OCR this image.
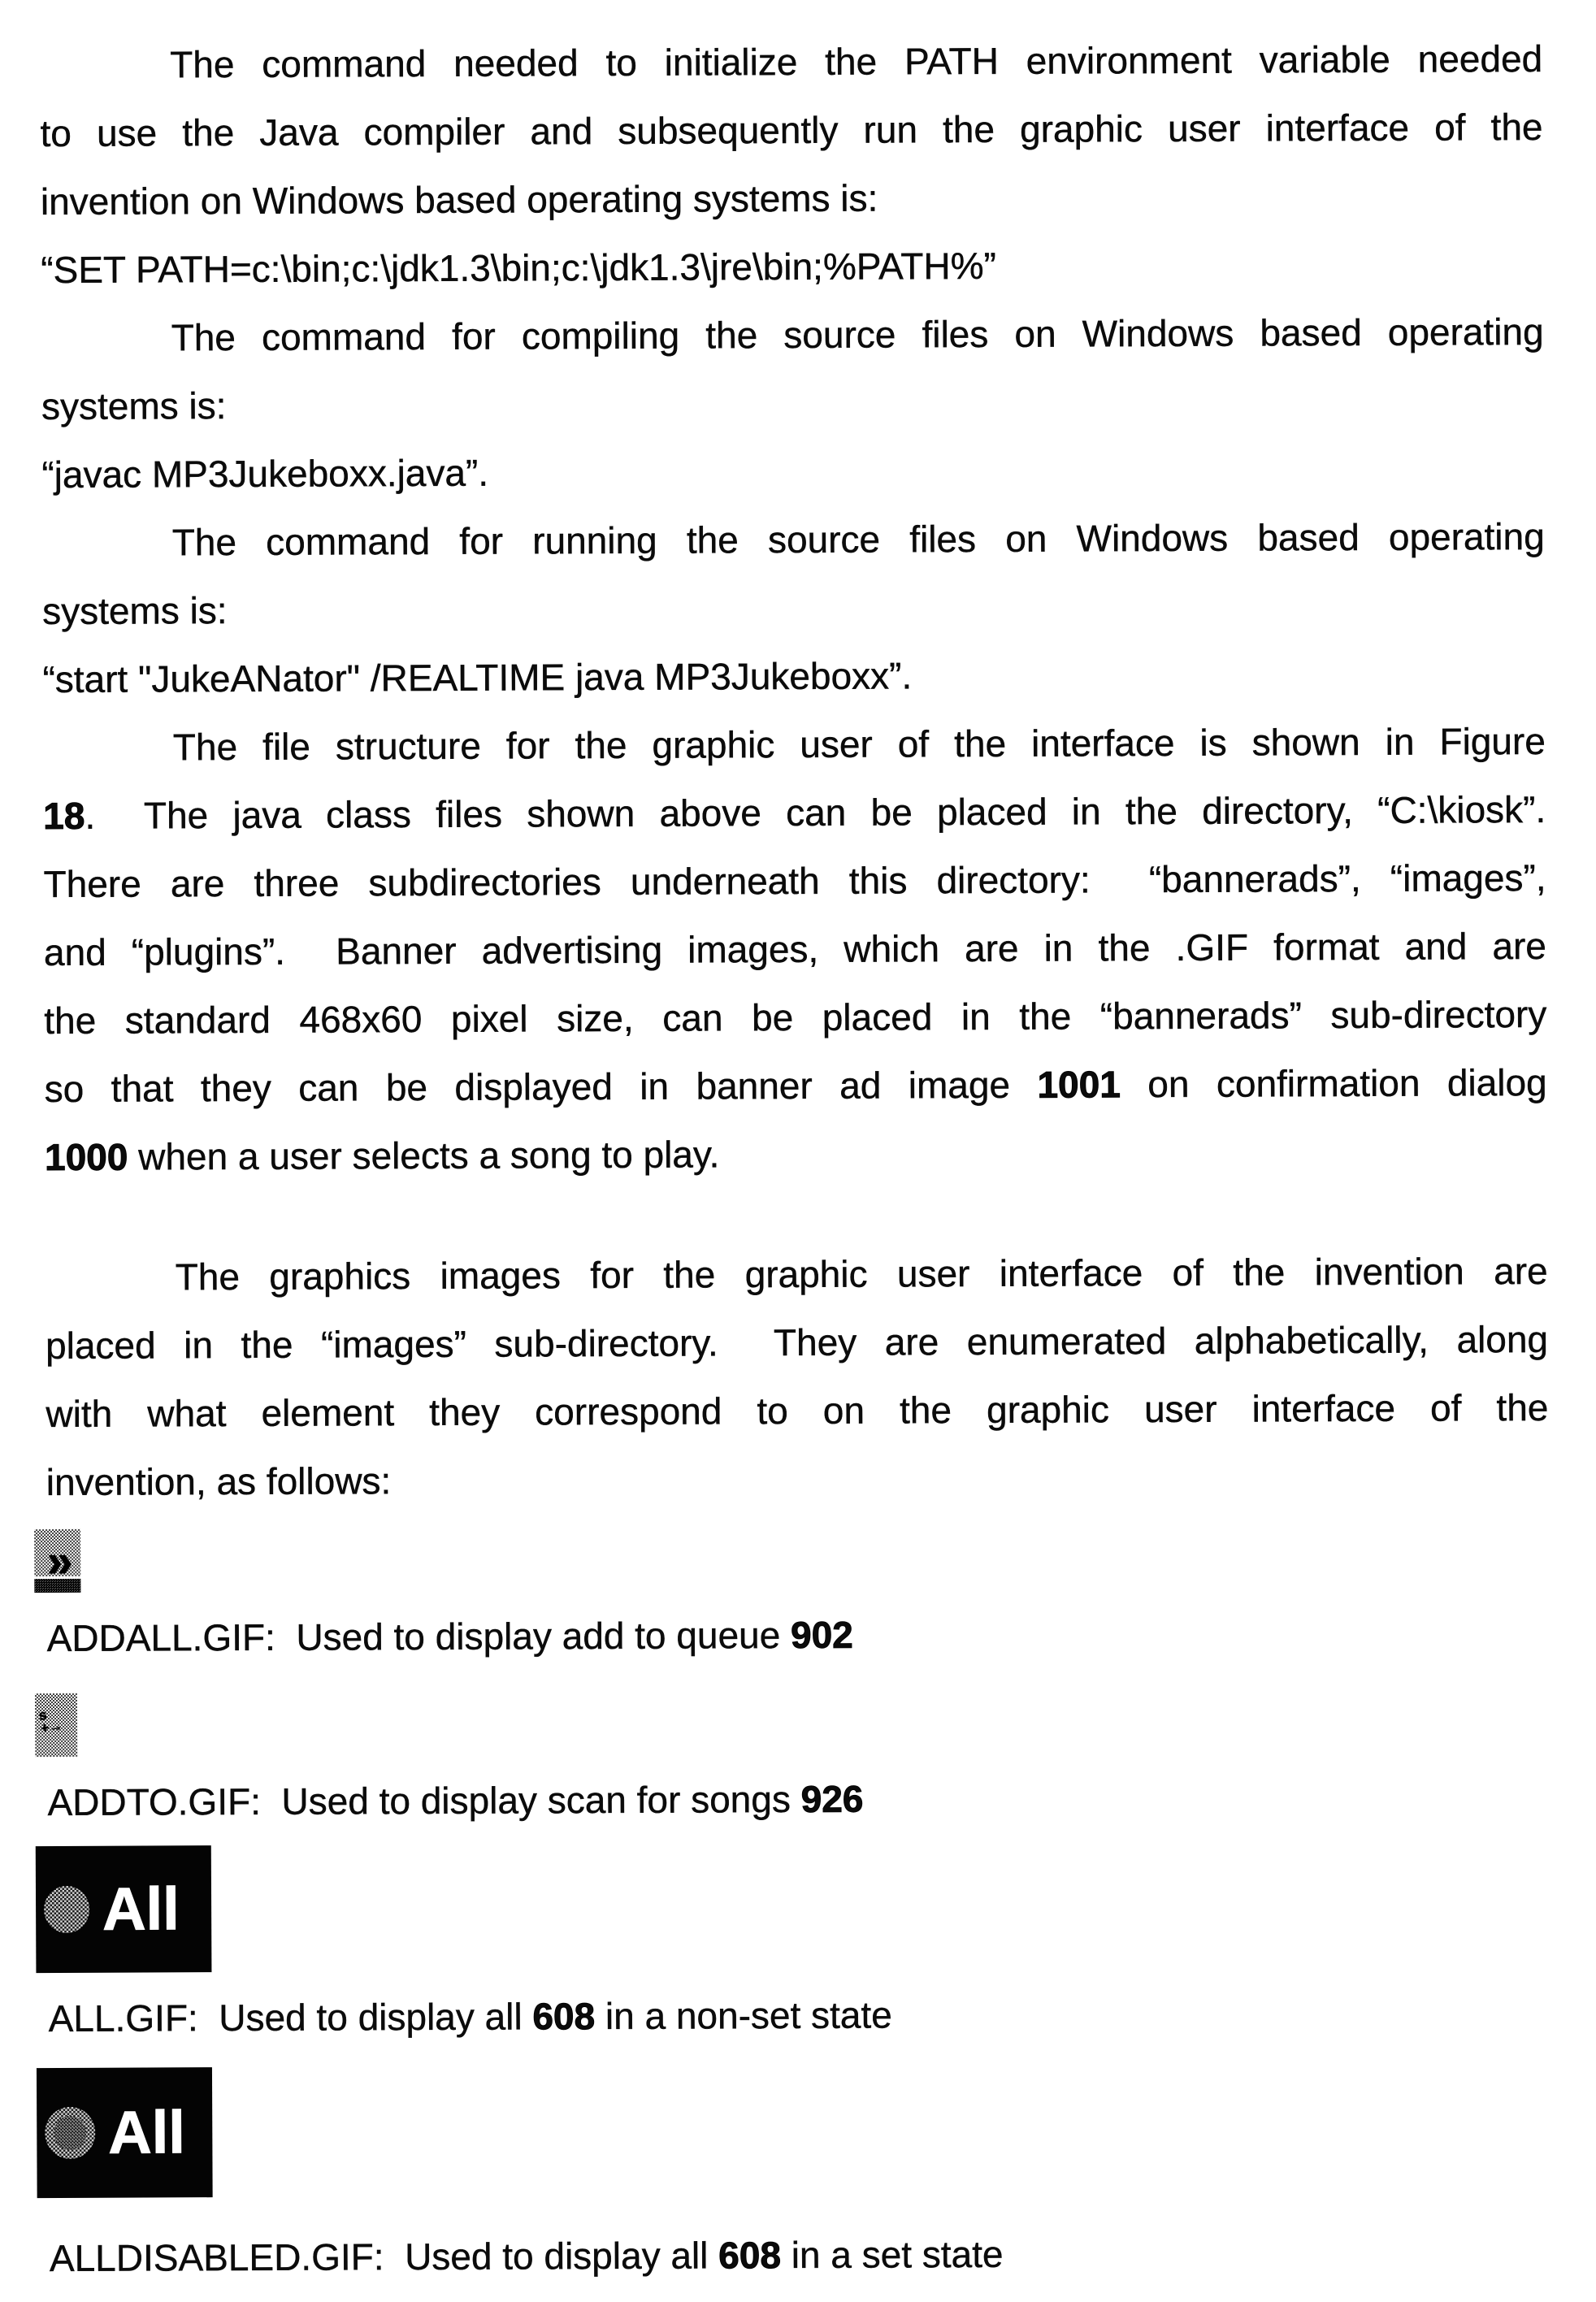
The command needed to initialize the PATH environment variable needed
to use the Java compiler and subsequently run the graphic user interface of the
invention on Windows based operating systems is:
“SET PATH=c:\bin;c:\jdk1.3\bin;c:\jdk1.3\jre\bin;%PATH%”
The command for compiling the source files on Windows based operating
systems is:
“javac MP3Jukeboxx.java”.
The command for running the source files on Windows based operating
systems is:
“start "JukeANator" /REALTIME java MP3Jukeboxx”.
The file structure for the graphic user of the interface is shown in Figure
18.  The java class files shown above can be placed in the directory, “C:\kiosk”.
There are three subdirectories underneath this directory:  “bannerads”, “images”,
and “plugins”.  Banner advertising images, which are in the .GIF format and are
the standard 468x60 pixel size, can be placed in the “bannerads” sub-directory
so that they can be displayed in banner ad image 1001 on confirmation dialog
1000 when a user selects a song to play.
The graphics images for the graphic user interface of the invention are
placed in the “images” sub-directory.  They are enumerated alphabetically, along
with what element they correspond to on the graphic user interface of the
invention, as follows:
»
ADDALL.GIF:  Used to display add to queue 902
s
+→
ADDTO.GIF:  Used to display scan for songs 926
All
ALL.GIF:  Used to display all 608 in a non-set state
All
ALLDISABLED.GIF:  Used to display all 608 in a set state
